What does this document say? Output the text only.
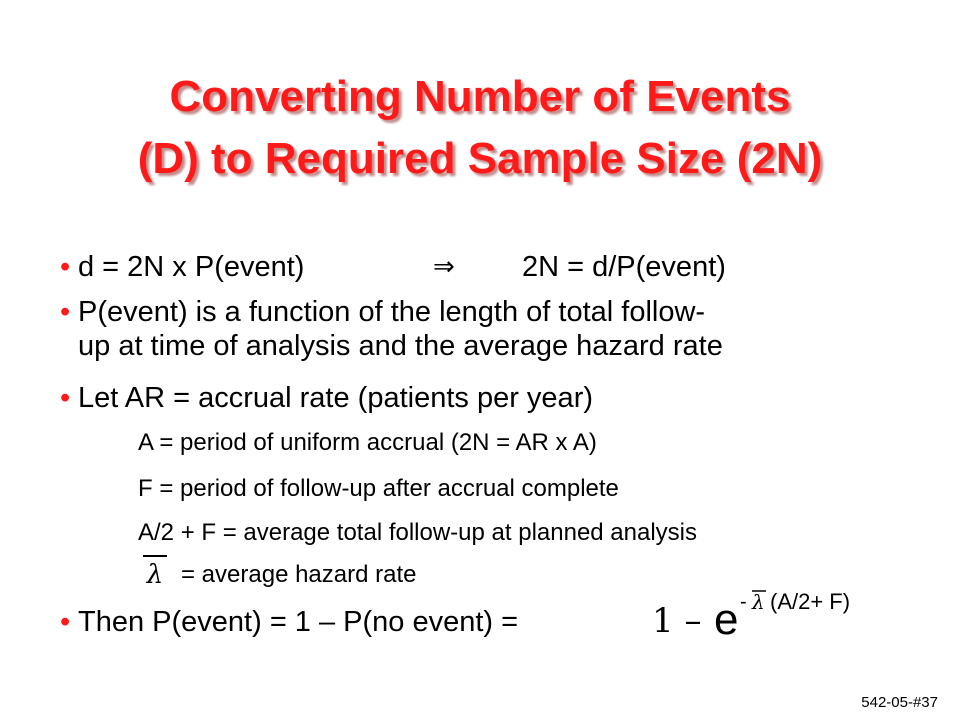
Converting Number of Events
(D) to Required Sample Size (2N)
• d = 2N x P(event)	⇒ 2N = d/P(event)
• P(event) is a function of the length of total follow-
up at time of analysis and the average hazard rate
• Let AR = accrual rate (patients per year)
A = period of uniform accrual (2N = AR x A)
F = period of follow-up after accrual complete
A/2 + F = average total follow-up at planned analysis
λ = average hazard rate
• Then P(event) = 1 – P(no event) =	1 – e - λ (A/2+ F)
542-05-#37
